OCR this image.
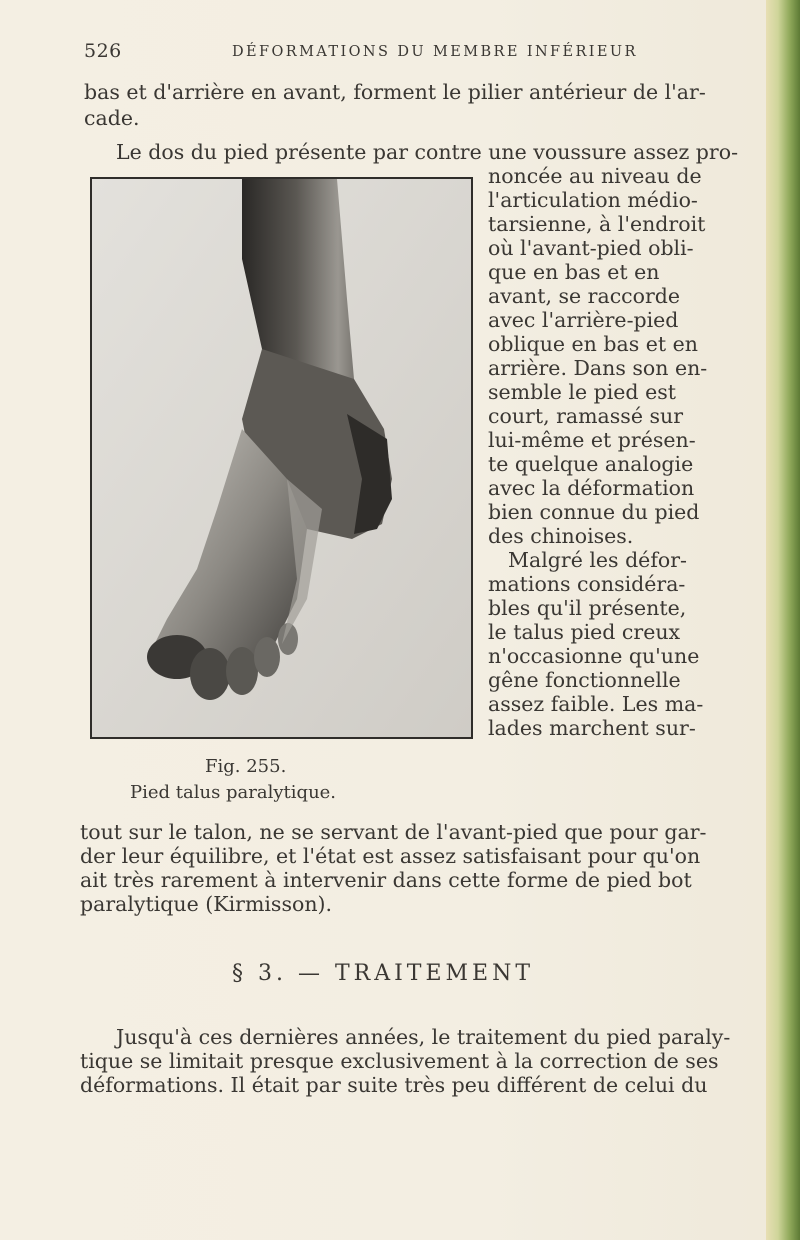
526	DÉFORMATIONS DU MEMBRE INFÉRIEUR
bas et d'arrière en avant, forment le pilier antérieur de l'ar-
cade.
Le dos du pied présente par contre une voussure assez pro-
noncée au niveau de
l'articulation médio-
tarsienne, à l'endroit
où l'avant-pied obli-
que en bas et en
avant, se raccorde
avec l'arrière-pied
oblique en bas et en
arrière. Dans son en-
semble le pied est
court, ramassé sur
lui-même et présen-
te quelque analogie
avec la déformation
bien connue du pied
des chinoises.
Malgré les défor-
mations considéra-
bles qu'il présente,
le talus pied creux
n'occasionne qu'une
gêne fonctionnelle
assez faible. Les ma-
lades marchent sur-
Fig. 255.
Pied talus paralytique.
tout sur le talon, ne se servant de l'avant-pied que pour gar-
der leur équilibre, et l'état est assez satisfaisant pour qu'on
ait très rarement à intervenir dans cette forme de pied bot
paralytique (Kirmisson).
§ 3. — TRAITEMENT
Jusqu'à ces dernières années, le traitement du pied paraly-
tique se limitait presque exclusivement à la correction de ses
déformations. Il était par suite très peu différent de celui du
